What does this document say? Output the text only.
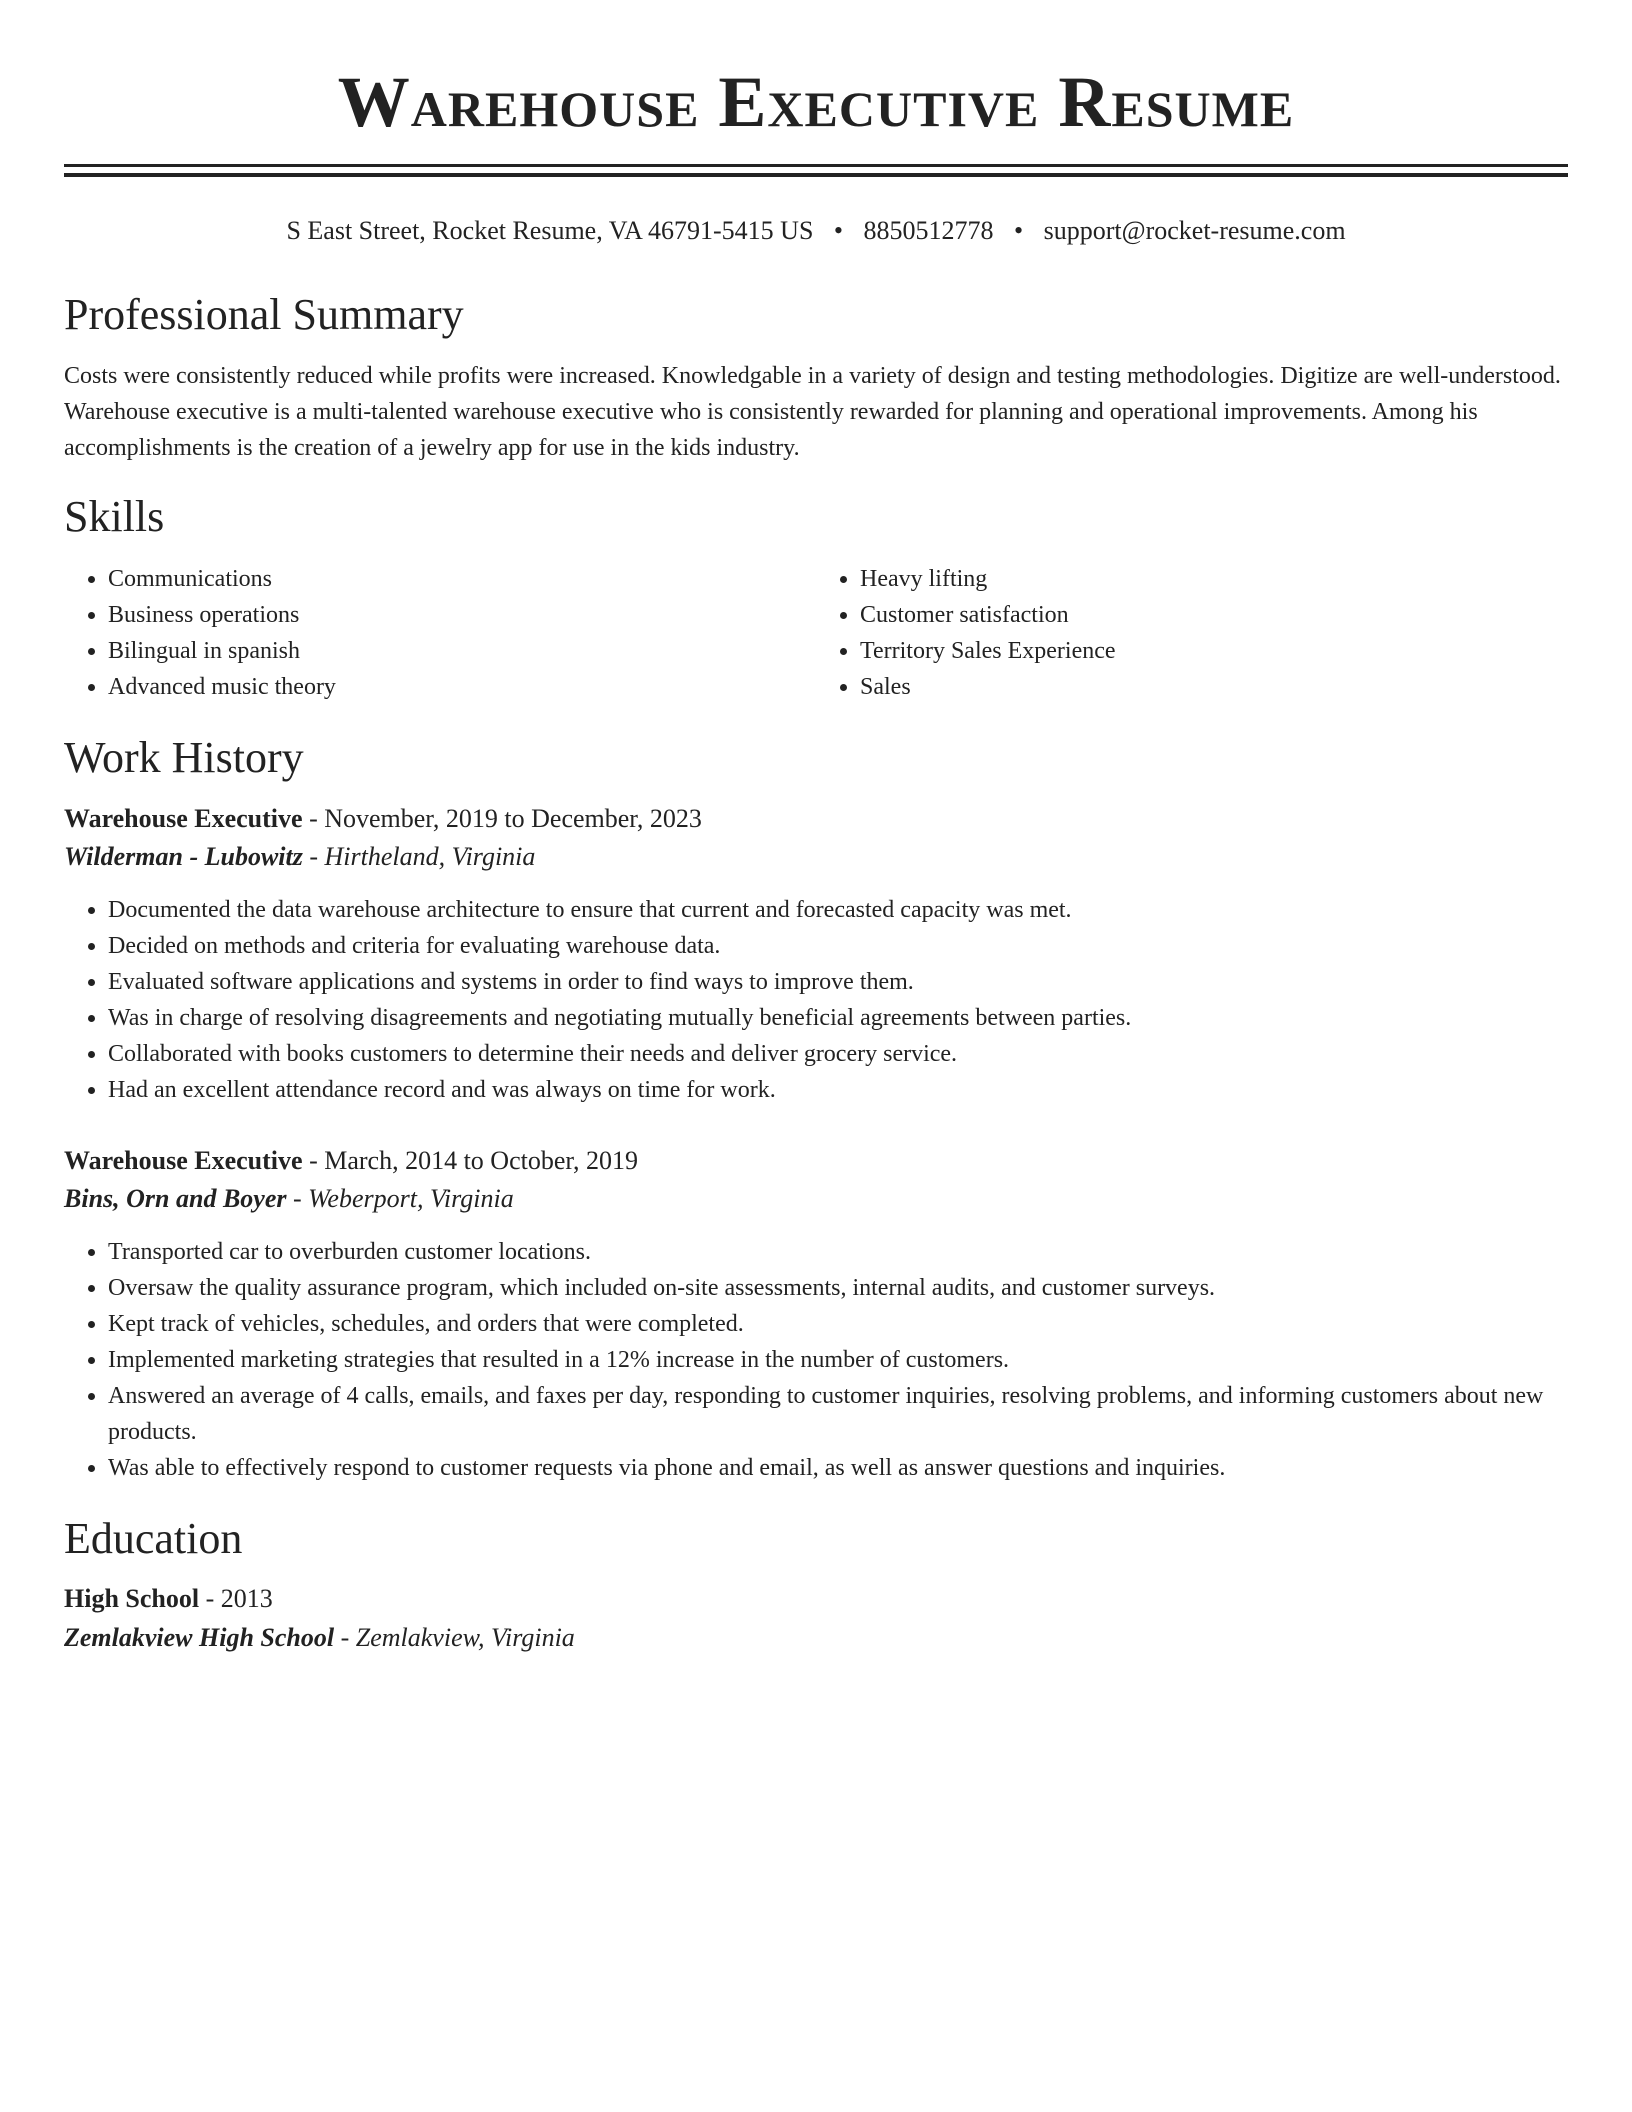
Warehouse Executive Resume
S East Street, Rocket Resume, VA 46791-5415 US • 8850512778 • support@rocket-resume.com
Professional Summary

Costs were consistently reduced while profits were increased. Knowledgable in a variety of design and testing methodologies. Digitize are well-understood. Warehouse executive is a multi-talented warehouse executive who is consistently rewarded for planning and operational improvements. Among his accomplishments is the creation of a jewelry app for use in the kids industry.

Skills
• Communications
• Business operations
• Bilingual in spanish
• Advanced music theory
• Heavy lifting
• Customer satisfaction
• Territory Sales Experience
• Sales
Work History
Warehouse Executive - November, 2019 to December, 2023
Wilderman - Lubowitz - Hirtheland, Virginia
• Documented the data warehouse architecture to ensure that current and forecasted capacity was met.
• Decided on methods and criteria for evaluating warehouse data.
• Evaluated software applications and systems in order to find ways to improve them.
• Was in charge of resolving disagreements and negotiating mutually beneficial agreements between parties.
• Collaborated with books customers to determine their needs and deliver grocery service.
• Had an excellent attendance record and was always on time for work.
Warehouse Executive - March, 2014 to October, 2019
Bins, Orn and Boyer - Weberport, Virginia
• Transported car to overburden customer locations.
• Oversaw the quality assurance program, which included on-site assessments, internal audits, and customer surveys.
• Kept track of vehicles, schedules, and orders that were completed.
• Implemented marketing strategies that resulted in a 12% increase in the number of customers.
• Answered an average of 4 calls, emails, and faxes per day, responding to customer inquiries, resolving problems, and informing customers about new products.
• Was able to effectively respond to customer requests via phone and email, as well as answer questions and inquiries.
Education
High School - 2013
Zemlakview High School - Zemlakview, Virginia
